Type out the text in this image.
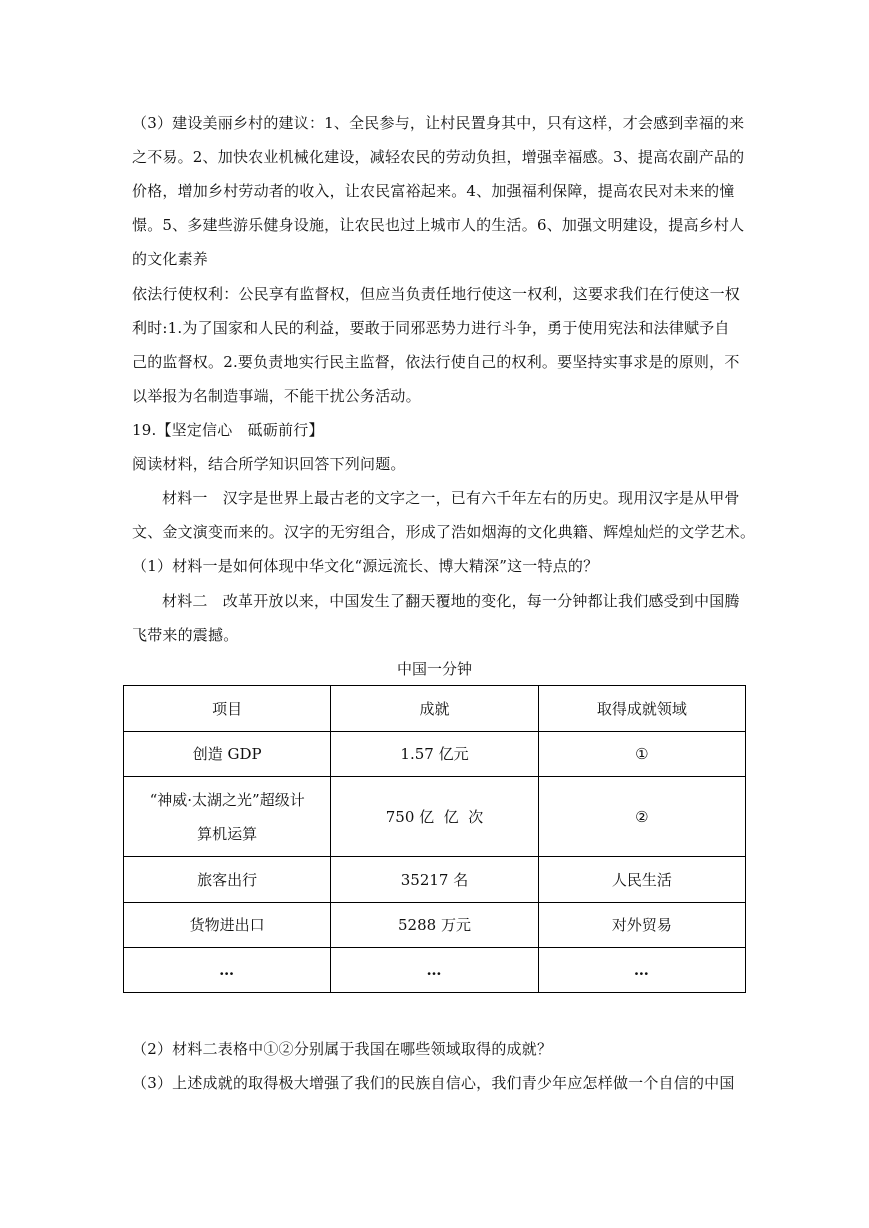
（3）建设美丽乡村的建议：1、全民参与，让村民置身其中，只有这样，才会感到幸福的来
之不易。2、加快农业机械化建设，减轻农民的劳动负担，增强幸福感。3、提高农副产品的
价格，增加乡村劳动者的收入，让农民富裕起来。4、加强福利保障，提高农民对未来的憧
憬。5、多建些游乐健身设施，让农民也过上城市人的生活。6、加强文明建设，提高乡村人
的文化素养
依法行使权利：公民享有监督权，但应当负责任地行使这一权利，这要求我们在行使这一权
利时:1.为了国家和人民的利益，要敢于同邪恶势力进行斗争，勇于使用宪法和法律赋予自
己的监督权。2.要负责地实行民主监督，依法行使自己的权利。要坚持实事求是的原则，不
以举报为名制造事端，不能干扰公务活动。
19.【坚定信心　砥砺前行】
阅读材料，结合所学知识回答下列问题。
材料一　汉字是世界上最古老的文字之一，已有六千年左右的历史。现用汉字是从甲骨
文、金文演变而来的。汉字的无穷组合，形成了浩如烟海的文化典籍、辉煌灿烂的文学艺术。
（1）材料一是如何体现中华文化“源远流长、博大精深”这一特点的？
材料二　改革开放以来，中国发生了翻天覆地的变化，每一分钟都让我们感受到中国腾
飞带来的震撼。
中国一分钟
项目	成就	取得成就领域
创造 GDP	1.57 亿元	①
“神威·太湖之光”超级计
算机运算	750 亿  亿  次	②
旅客出行	35217 名	人民生活
货物进出口	5288 万元	对外贸易
…	…	…
（2）材料二表格中①②分别属于我国在哪些领域取得的成就？
（3）上述成就的取得极大增强了我们的民族自信心，我们青少年应怎样做一个自信的中国
